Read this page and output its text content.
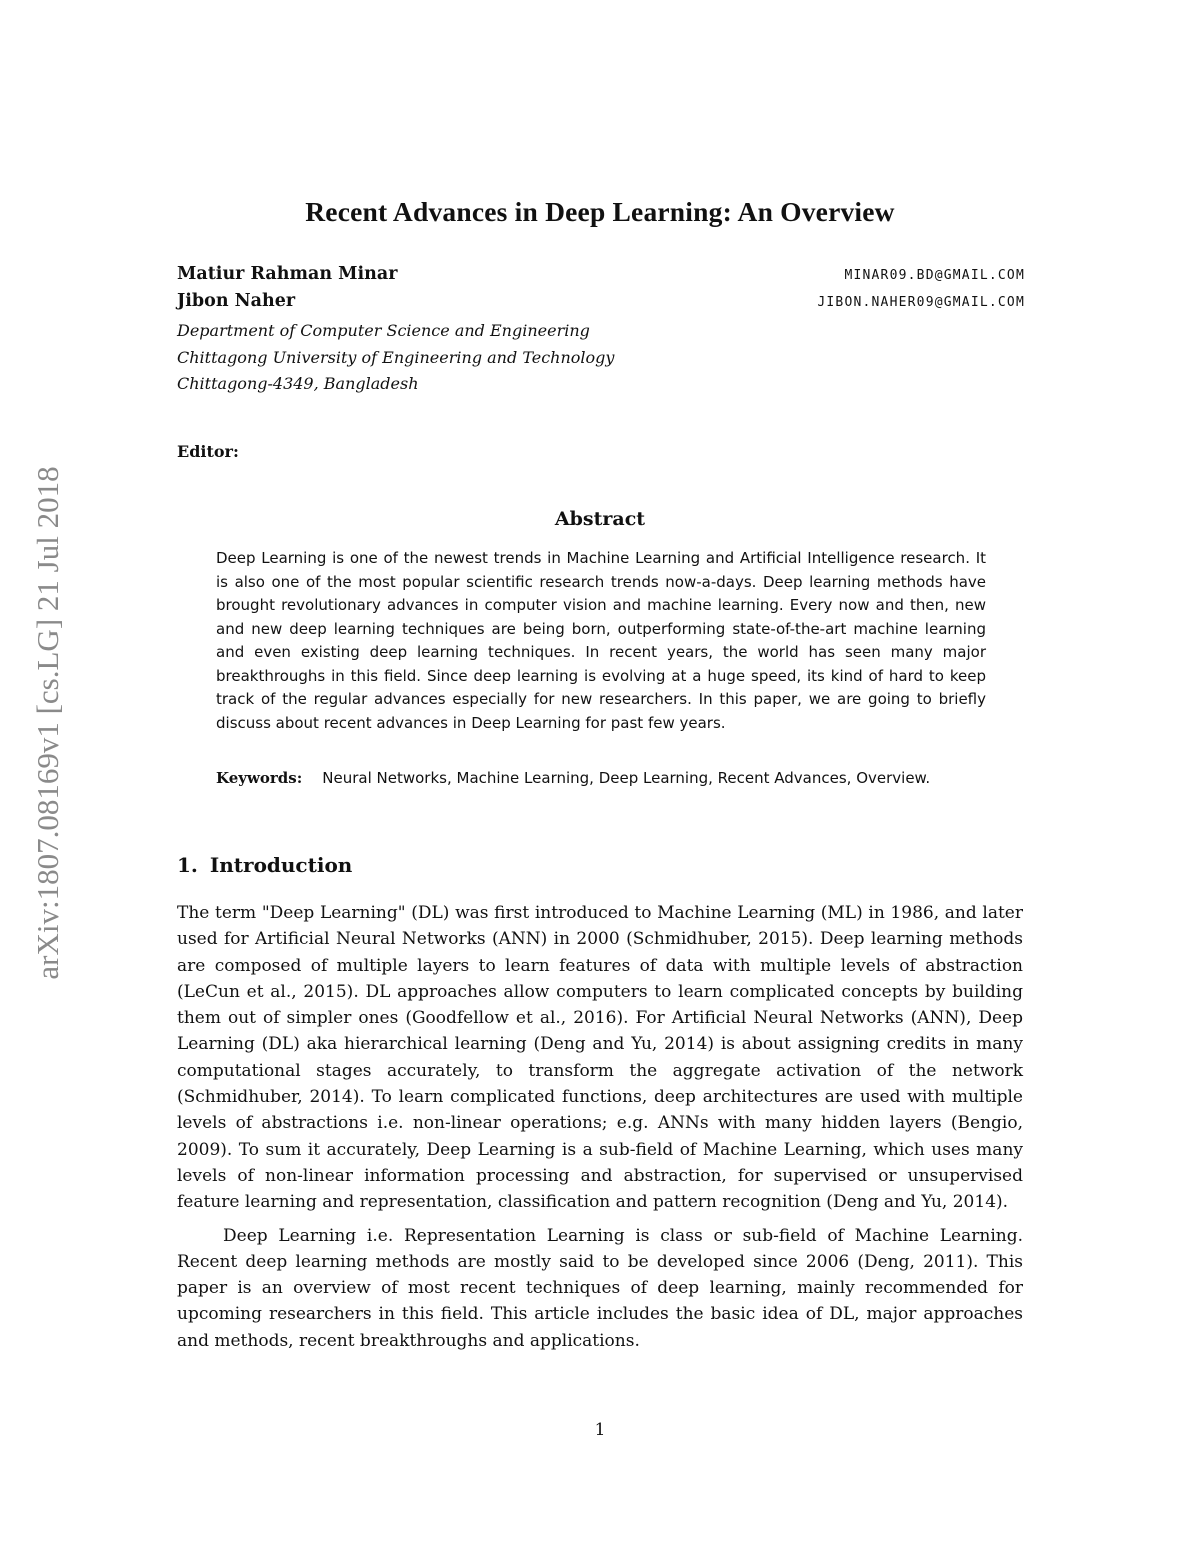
arXiv:1807.08169v1 [cs.LG] 21 Jul 2018
Recent Advances in Deep Learning: An Overview
Matiur Rahman Minar	MINAR09.BD@GMAIL.COM
Jibon Naher	JIBON.NAHER09@GMAIL.COM
Department of Computer Science and Engineering
Chittagong University of Engineering and Technology
Chittagong-4349, Bangladesh
Editor:
Abstract
Deep Learning is one of the newest trends in Machine Learning and Artificial Intelligence research. It is also one of the most popular scientific research trends now-a-days. Deep learning methods have brought revolutionary advances in computer vision and machine learning. Every now and then, new and new deep learning techniques are being born, outperforming state-of-the-art machine learning and even existing deep learning techniques. In recent years, the world has seen many major breakthroughs in this field. Since deep learning is evolving at a huge speed, its kind of hard to keep track of the regular advances especially for new researchers. In this paper, we are going to briefly discuss about recent advances in Deep Learning for past few years.
Keywords: Neural Networks, Machine Learning, Deep Learning, Recent Advances, Overview.
1. Introduction

The term "Deep Learning" (DL) was first introduced to Machine Learning (ML) in 1986, and later used for Artificial Neural Networks (ANN) in 2000 (Schmidhuber, 2015). Deep learning methods are composed of multiple layers to learn features of data with multiple levels of abstraction (LeCun et al., 2015). DL approaches allow computers to learn complicated concepts by building them out of simpler ones (Goodfellow et al., 2016). For Artificial Neural Networks (ANN), Deep Learning (DL) aka hierarchical learning (Deng and Yu, 2014) is about assigning credits in many computational stages accurately, to transform the aggregate activation of the network (Schmidhuber, 2014). To learn complicated functions, deep architectures are used with multiple levels of abstractions i.e. non-linear operations; e.g. ANNs with many hidden layers (Bengio, 2009). To sum it accurately, Deep Learning is a sub-field of Machine Learning, which uses many levels of non-linear information processing and abstraction, for supervised or unsupervised feature learning and representation, classification and pattern recognition (Deng and Yu, 2014).

Deep Learning i.e. Representation Learning is class or sub-field of Machine Learning. Recent deep learning methods are mostly said to be developed since 2006 (Deng, 2011). This paper is an overview of most recent techniques of deep learning, mainly recommended for upcoming researchers in this field. This article includes the basic idea of DL, major approaches and methods, recent breakthroughs and applications.

1
